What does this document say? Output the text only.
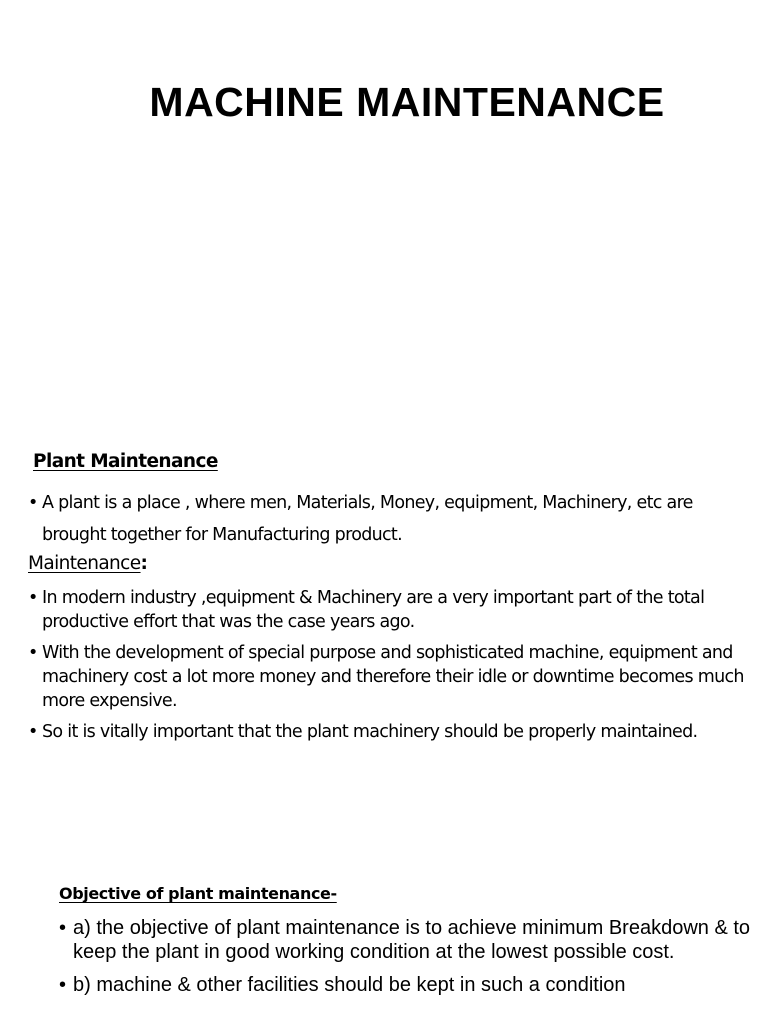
MACHINE MAINTENANCE
Plant Maintenance
• A plant is a place , where men, Materials, Money, equipment, Machinery, etc are brought together for Manufacturing product.
Maintenance:
• In modern industry ,equipment & Machinery are a very important part of the total productive effort that was the case years ago.
• With the development of special purpose and sophisticated machine, equipment and machinery cost a lot more money and therefore their idle or downtime becomes much more expensive.
• So it is vitally important that the plant machinery should be properly maintained.
Objective of plant maintenance-
• a) the objective of plant maintenance is to achieve minimum Breakdown & to keep the plant in good working condition at the lowest possible cost.
• b) machine & other facilities should be kept in such a condition
